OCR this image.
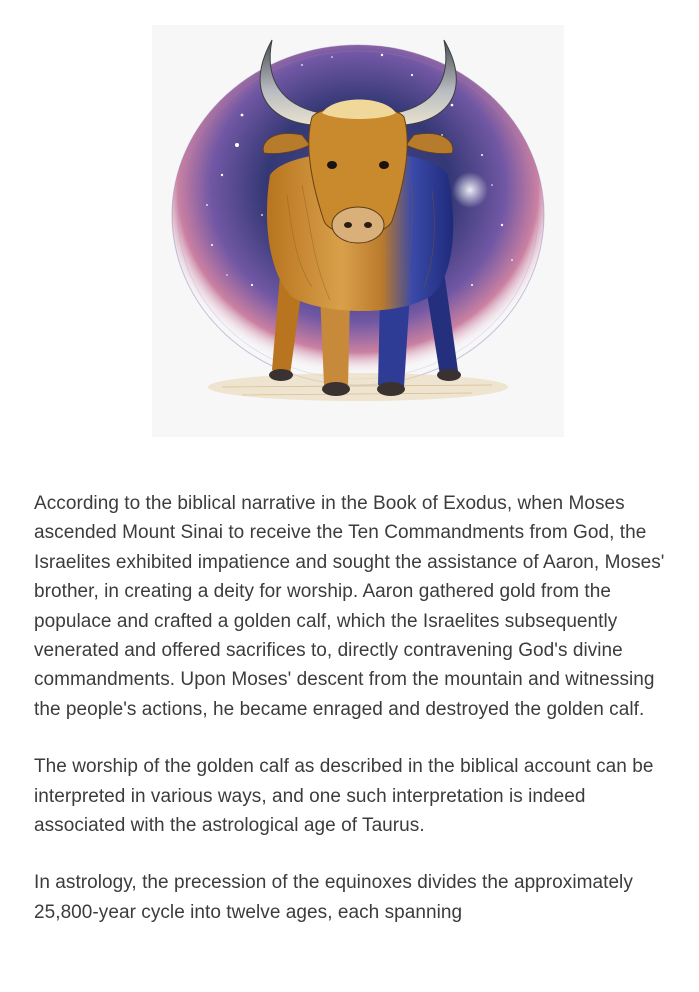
According to the biblical narrative in the Book of Exodus, when Moses ascended Mount Sinai to receive the Ten Commandments from God, the Israelites exhibited impatience and sought the assistance of Aaron, Moses' brother, in creating a deity for worship. Aaron gathered gold from the populace and crafted a golden calf, which the Israelites subsequently venerated and offered sacrifices to, directly contravening God's divine commandments. Upon Moses' descent from the mountain and witnessing the people's actions, he became enraged and destroyed the golden calf.

The worship of the golden calf as described in the biblical account can be interpreted in various ways, and one such interpretation is indeed associated with the astrological age of Taurus.

In astrology, the precession of the equinoxes divides the approximately 25,800-year cycle into twelve ages, each spanning
